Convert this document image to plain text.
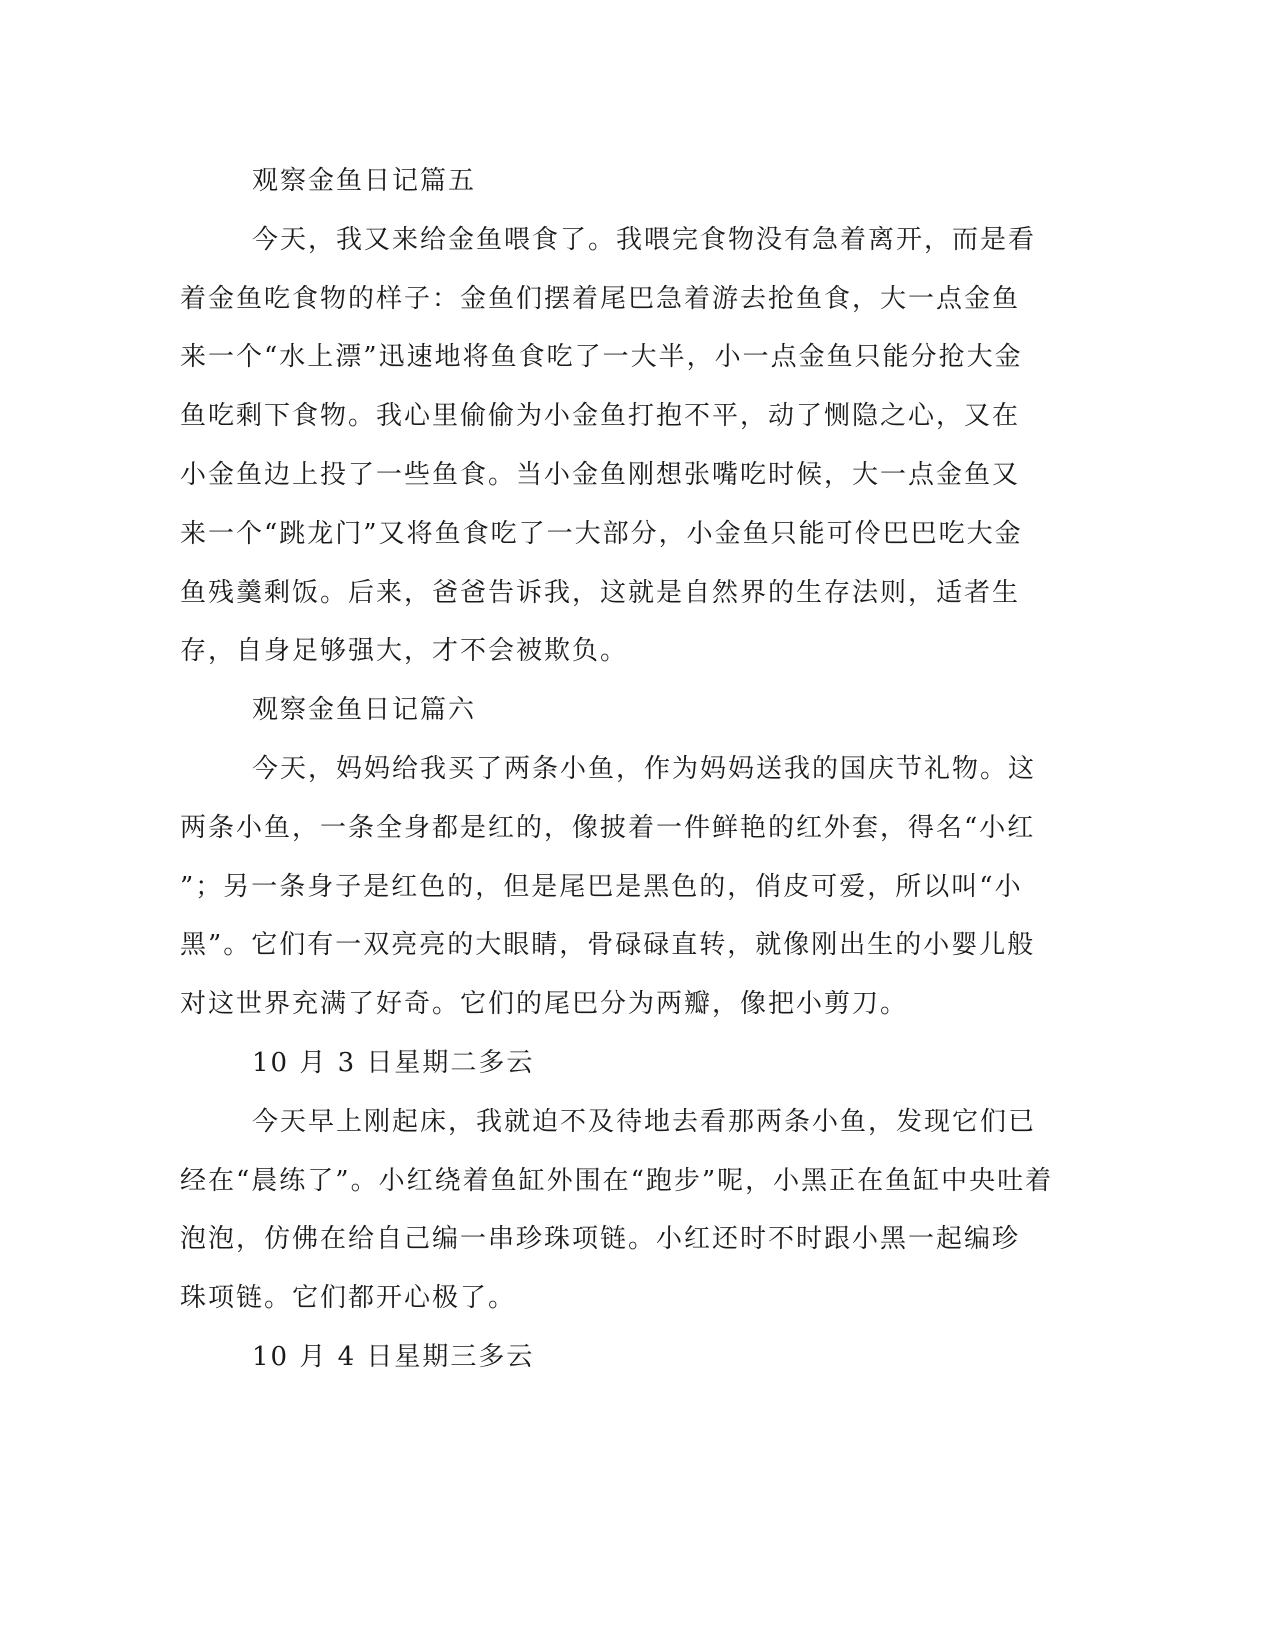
观察金鱼日记篇五
今天，我又来给金鱼喂食了。我喂完食物没有急着离开，而是看
着金鱼吃食物的样子：金鱼们摆着尾巴急着游去抢鱼食，大一点金鱼
来一个“水上漂”迅速地将鱼食吃了一大半，小一点金鱼只能分抢大金
鱼吃剩下食物。我心里偷偷为小金鱼打抱不平，动了恻隐之心，又在
小金鱼边上投了一些鱼食。当小金鱼刚想张嘴吃时候，大一点金鱼又
来一个“跳龙门”又将鱼食吃了一大部分，小金鱼只能可伶巴巴吃大金
鱼残羹剩饭。后来，爸爸告诉我，这就是自然界的生存法则，适者生
存，自身足够强大，才不会被欺负。
观察金鱼日记篇六
今天，妈妈给我买了两条小鱼，作为妈妈送我的国庆节礼物。这
两条小鱼，一条全身都是红的，像披着一件鲜艳的红外套，得名“小红
”；另一条身子是红色的，但是尾巴是黑色的，俏皮可爱，所以叫“小
黑”。它们有一双亮亮的大眼睛，骨碌碌直转，就像刚出生的小婴儿般
对这世界充满了好奇。它们的尾巴分为两瓣，像把小剪刀。
10 月 3 日星期二多云
今天早上刚起床，我就迫不及待地去看那两条小鱼，发现它们已
经在“晨练了”。小红绕着鱼缸外围在“跑步”呢，小黑正在鱼缸中央吐着
泡泡，仿佛在给自己编一串珍珠项链。小红还时不时跟小黑一起编珍
珠项链。它们都开心极了。
10 月 4 日星期三多云
